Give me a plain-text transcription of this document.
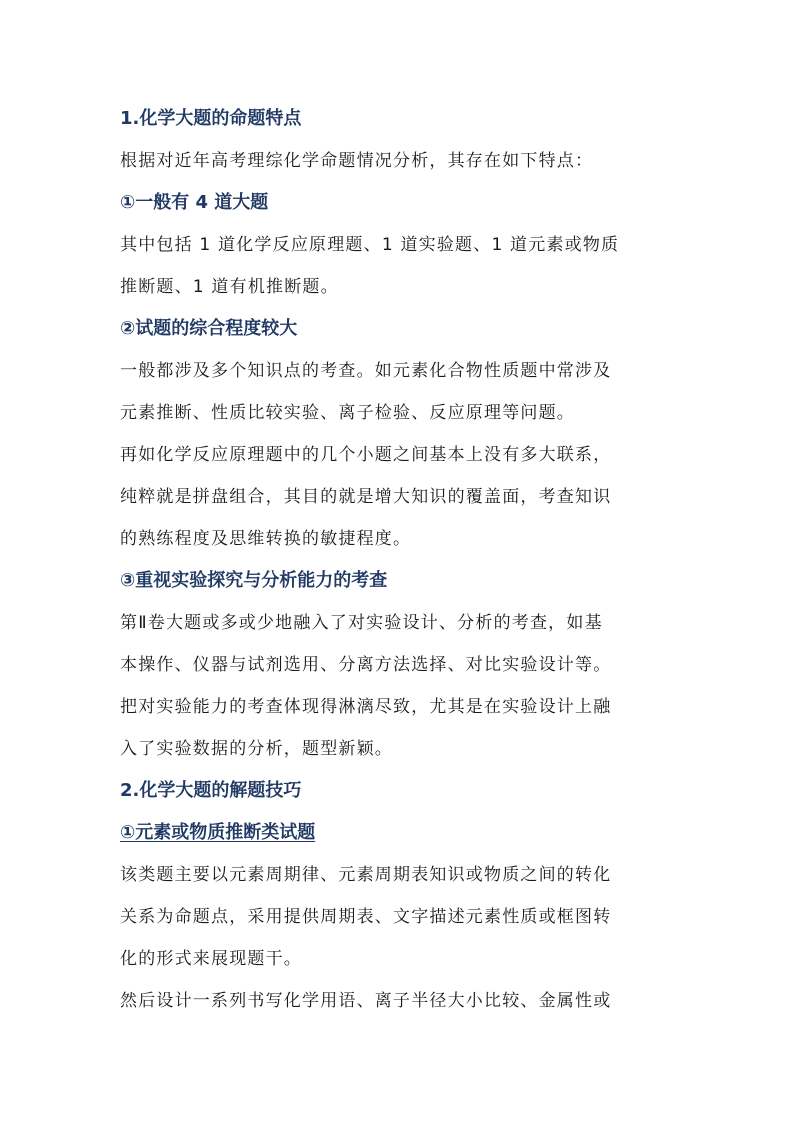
1.化学大题的命题特点
根据对近年高考理综化学命题情况分析，其存在如下特点：
①一般有 4 道大题
其中包括 1 道化学反应原理题、1 道实验题、1 道元素或物质
推断题、1 道有机推断题。
②试题的综合程度较大
一般都涉及多个知识点的考查。如元素化合物性质题中常涉及
元素推断、性质比较实验、离子检验、反应原理等问题。
再如化学反应原理题中的几个小题之间基本上没有多大联系，
纯粹就是拼盘组合，其目的就是增大知识的覆盖面，考查知识
的熟练程度及思维转换的敏捷程度。
③重视实验探究与分析能力的考查
第Ⅱ卷大题或多或少地融入了对实验设计、分析的考查，如基
本操作、仪器与试剂选用、分离方法选择、对比实验设计等。
把对实验能力的考查体现得淋漓尽致，尤其是在实验设计上融
入了实验数据的分析，题型新颖。
2.化学大题的解题技巧
①元素或物质推断类试题
该类题主要以元素周期律、元素周期表知识或物质之间的转化
关系为命题点，采用提供周期表、文字描述元素性质或框图转
化的形式来展现题干。
然后设计一系列书写化学用语、离子半径大小比较、金属性或
